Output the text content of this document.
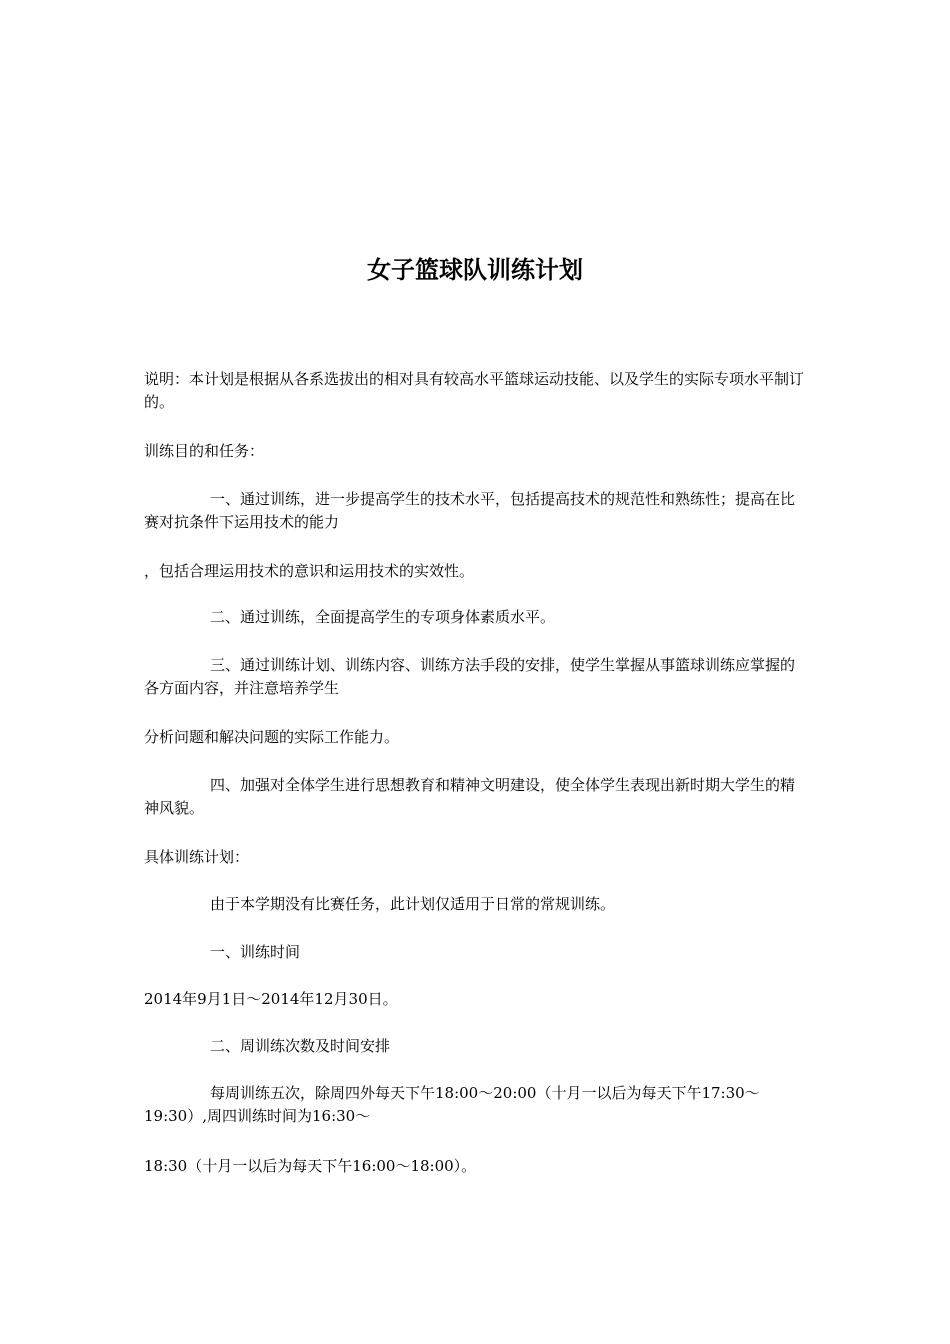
女子篮球队训练计划

说明：本计划是根据从各系选拔出的相对具有较高水平篮球运动技能、以及学生的实际专项水平制订的。

训练目的和任务：

一、通过训练，进一步提高学生的技术水平，包括提高技术的规范性和熟练性；提高在比赛对抗条件下运用技术的能力

，包括合理运用技术的意识和运用技术的实效性。

二、通过训练，全面提高学生的专项身体素质水平。

三、通过训练计划、训练内容、训练方法手段的安排，使学生掌握从事篮球训练应掌握的各方面内容，并注意培养学生

分析问题和解决问题的实际工作能力。

四、加强对全体学生进行思想教育和精神文明建设，使全体学生表现出新时期大学生的精神风貌。

具体训练计划：

由于本学期没有比赛任务，此计划仅适用于日常的常规训练。

一、训练时间

2014年9月1日～2014年12月30日。

二、周训练次数及时间安排

每周训练五次，除周四外每天下午18:00～20:00（十月一以后为每天下午17:30～19:30）,周四训练时间为16:30～

18:30（十月一以后为每天下午16:00～18:00）。
